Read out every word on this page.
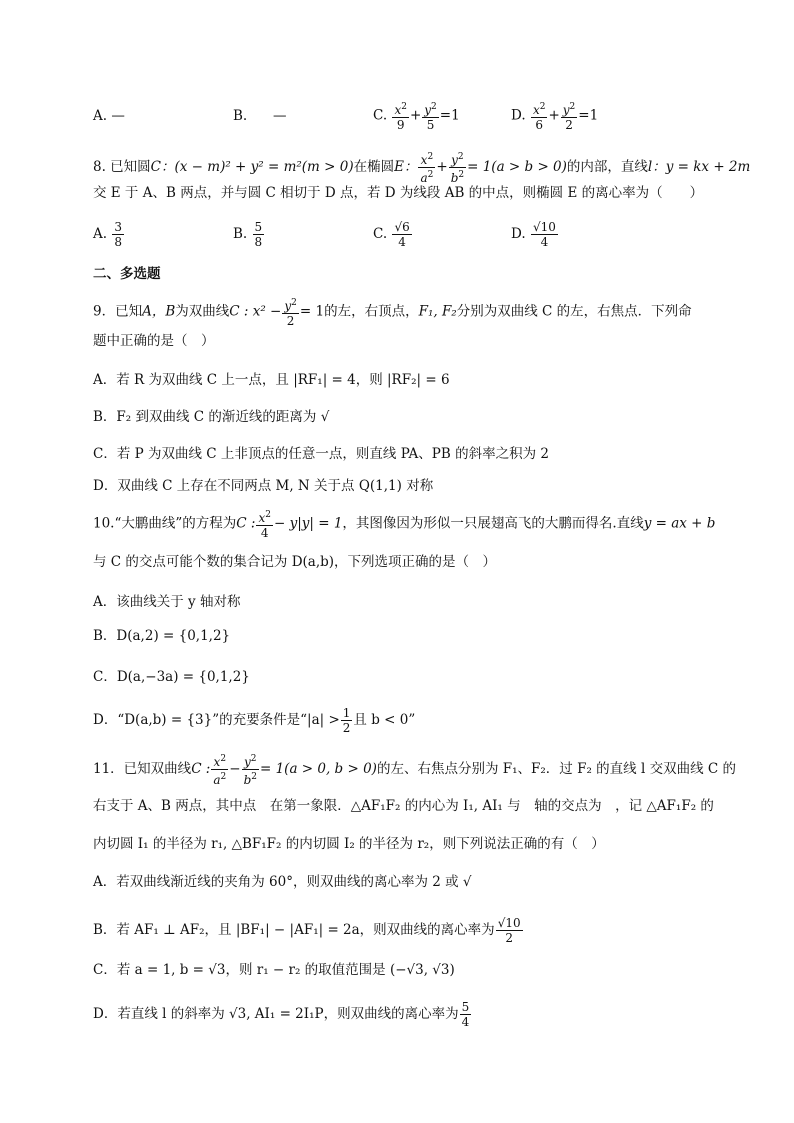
A. —	B. —	C. $\frac{x^2}{9} + \frac{y^2}{5} =1$	D. $\frac{x^2}{6} + \frac{y^2}{2} =1$
8. 已知圆C：(x − m)² + y² = m²(m > 0)在椭圆E： $\frac{x^2}{a^2} + \frac{y^2}{b^2} = 1(a > b > 0)$的内部，直线l：y = kx + 2m
交 E 于 A、B 两点，并与圆 C 相切于 D 点，若 D 为线段 AB 的中点，则椭圆 E 的离心率为（　　）
A. $\frac{3}{8}$	B. $\frac{5}{8}$	C. $\frac{√6}{4}$	D. $\frac{√10}{4}$
二、多选题
9．已知A，B为双曲线C : $x^2 - \frac{y^2}{2} = 1$的左，右顶点，F₁, F₂分别为双曲线 C 的左，右焦点．下列命
题中正确的是（　）
A．若 R 为双曲线 C 上一点，且 |RF₁| = 4，则 |RF₂| = 6
B．F₂ 到双曲线 C 的渐近线的距离为 √
C．若 P 为双曲线 C 上非顶点的任意一点，则直线 PA、PB 的斜率之积为 2
D．双曲线 C 上存在不同两点 M, N 关于点 Q(1,1) 对称
10.“大鹏曲线”的方程为C : $\frac{x^2}{4} - y|y| = 1$，其图像因为形似一只展翅高飞的大鹏而得名.直线y = ax + b
与 C 的交点可能个数的集合记为 D(a,b)，下列选项正确的是（　）
A．该曲线关于 y 轴对称
B．D(a,2) = {0,1,2}
C．D(a,−3a) = {0,1,2}
D．“D(a,b) = {3}”的充要条件是“$|a| > \frac{1}{2}$ 且 b < 0”
11．已知双曲线C : $\frac{x^2}{a^2} - \frac{y^2}{b^2} = 1(a > 0$, b > 0)的左、右焦点分别为 F₁、F₂．过 F₂ 的直线 l 交双曲线 C 的
右支于 A、B 两点，其中点　在第一象限．△AF₁F₂ 的内心为 I₁, AI₁ 与　轴的交点为　，记 △AF₁F₂ 的
内切圆 I₁ 的半径为 r₁, △BF₁F₂ 的内切圆 I₂ 的半径为 r₂，则下列说法正确的有（　）
A．若双曲线渐近线的夹角为 60°，则双曲线的离心率为 2 或 √
B．若 AF₁ ⊥ AF₂，且 |BF₁| − |AF₁| = 2a，则双曲线的离心率为 $\frac{√10}{2}$
C．若 a = 1, b = √3，则 r₁ − r₂ 的取值范围是 (−√3, √3)
D．若直线 l 的斜率为 √3, AI₁ = 2I₁P，则双曲线的离心率为 $\frac{5}{4}$
